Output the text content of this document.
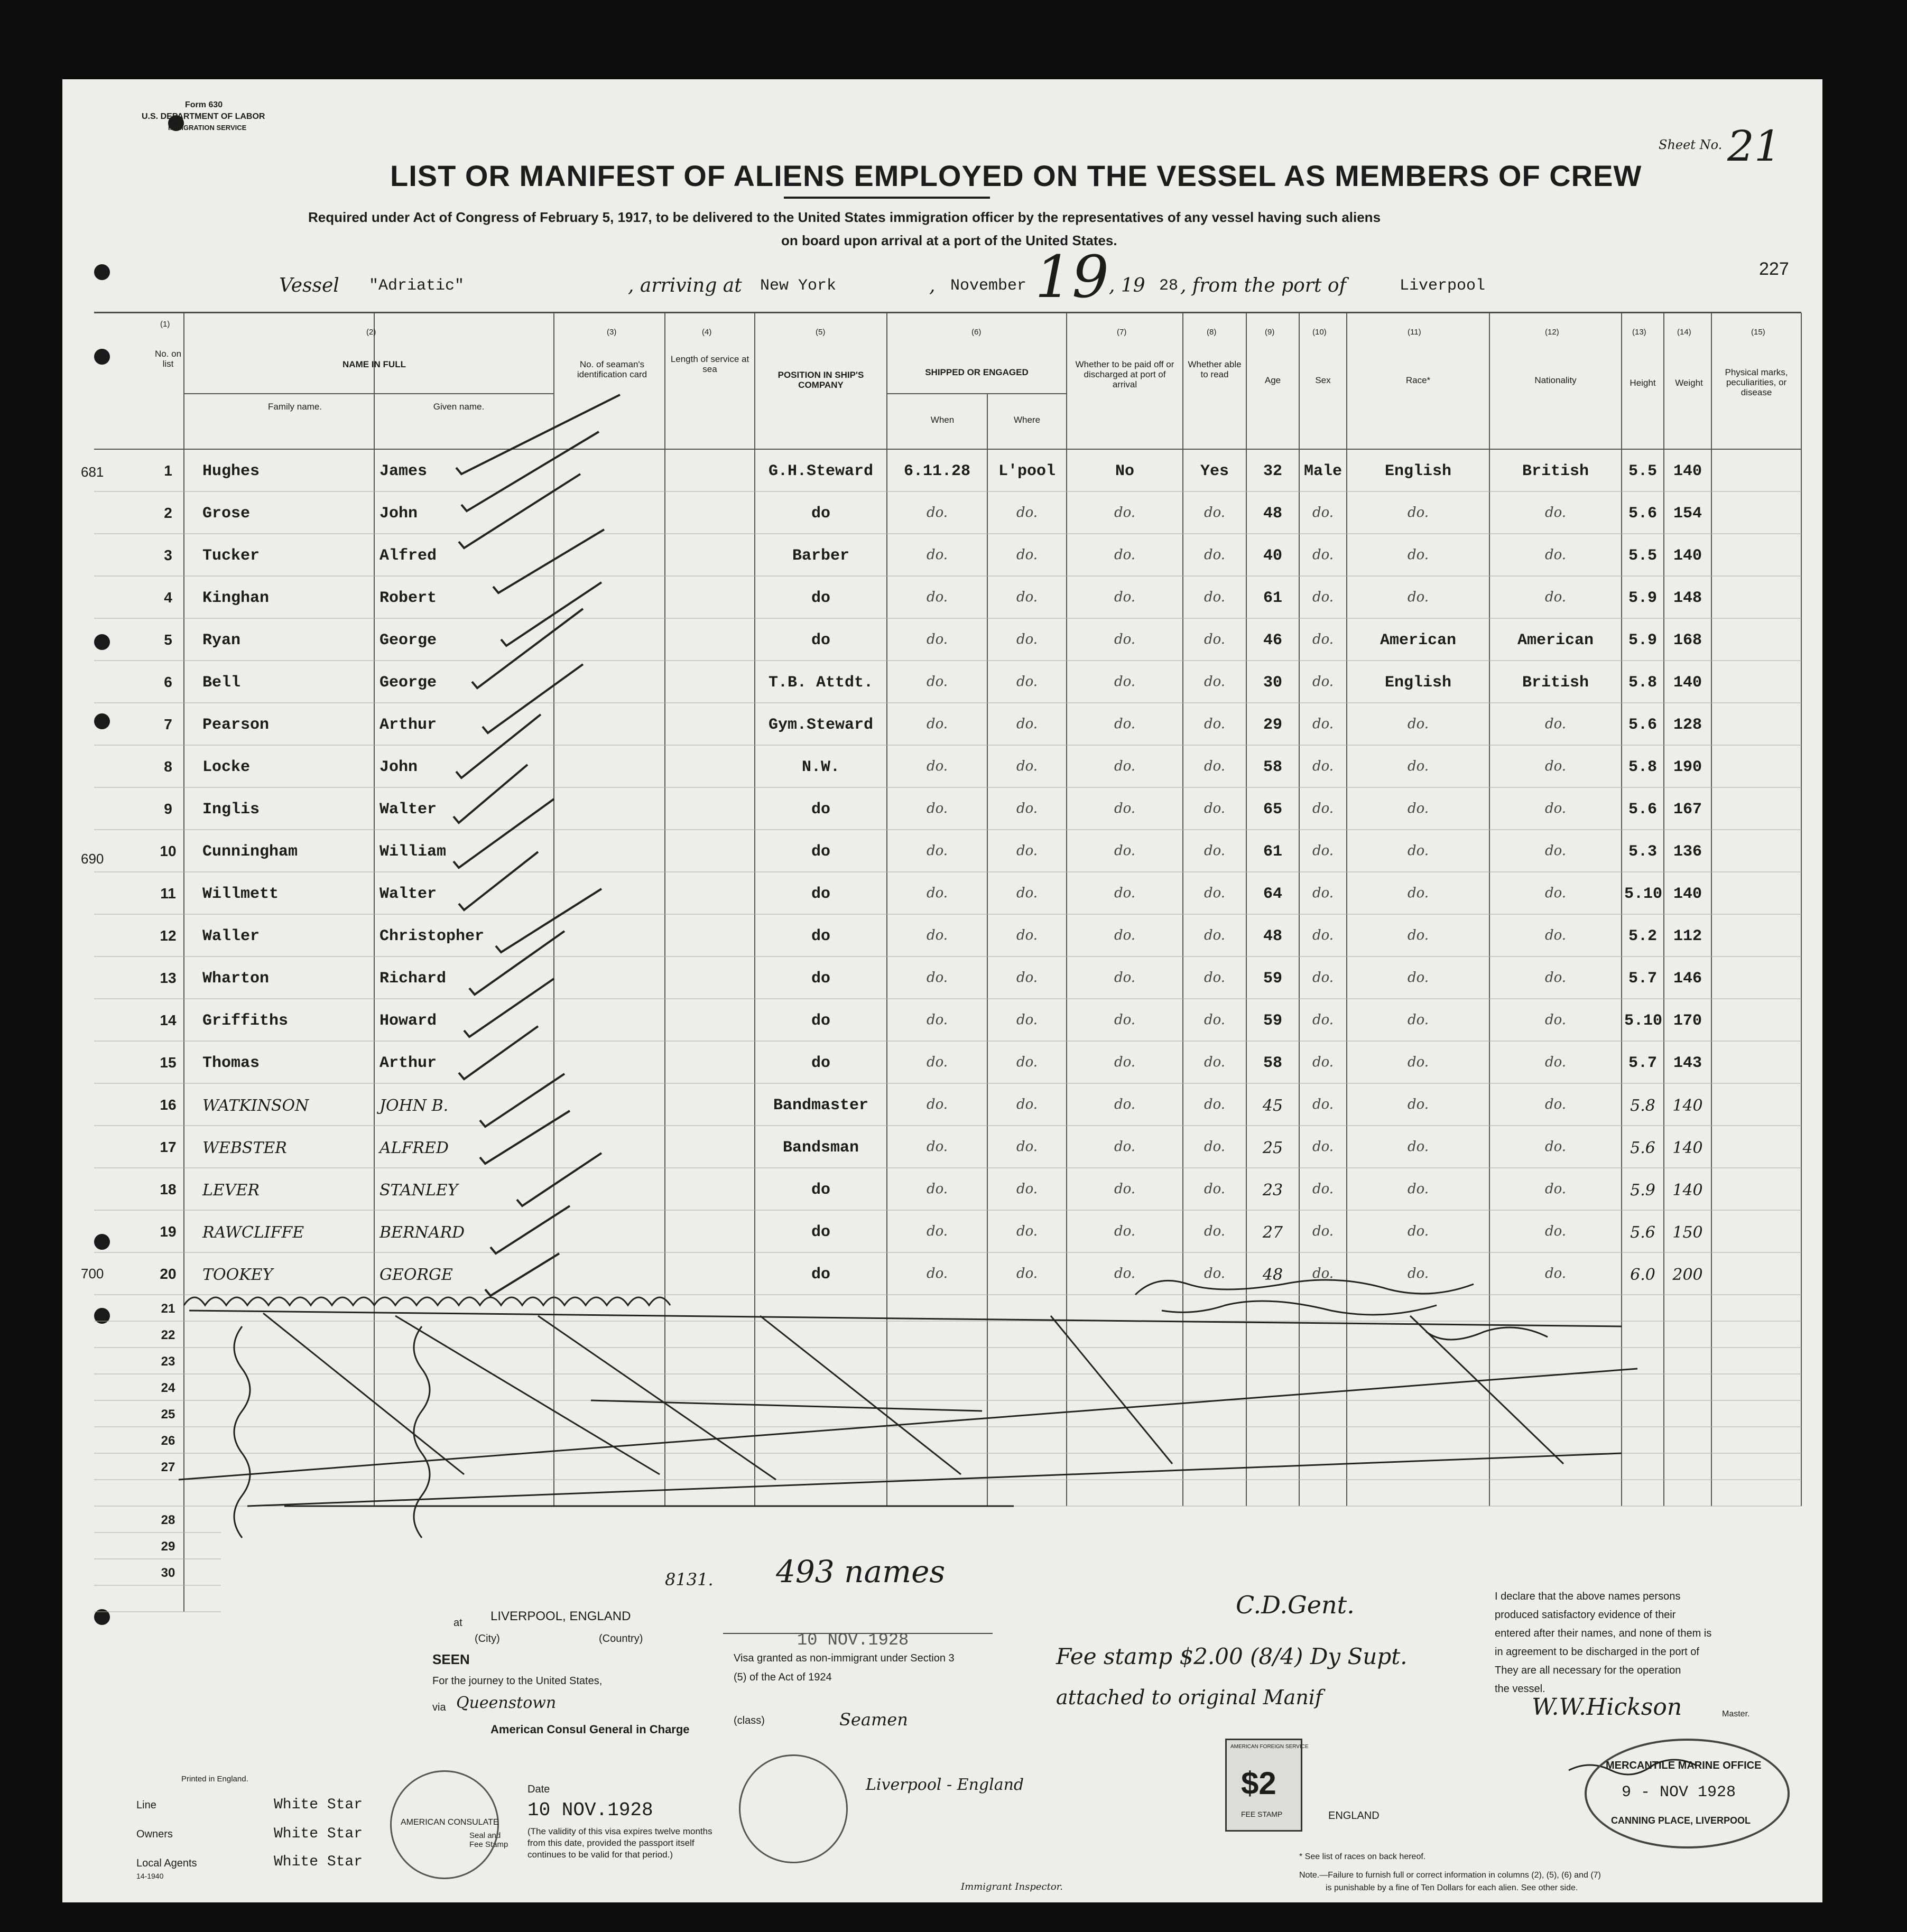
Form 630
U.S. DEPARTMENT OF LABOR
IMMIGRATION SERVICE
Sheet No. 21
LIST OR MANIFEST OF ALIENS EMPLOYED ON THE VESSEL AS MEMBERS OF CREW
Required under Act of Congress of February 5, 1917, to be delivered to the United States immigration officer by the representatives of any vessel having such aliens
on board upon arrival at a port of the United States.
227
Vessel "Adriatic"	, arriving at New York	, November 19 , 19 28 , from the port of	Liverpool
(1)
No. on list
(2)
NAME IN FULL
Family name.	Given name.
(3)
No. of seaman's identification card
(4)
Length of service at sea
(5)
POSITION IN SHIP'S COMPANY
(6)
SHIPPED OR ENGAGED
When	Where
(7)
Whether to be paid off or discharged at port of arrival
(8)
Whether able to read
(9)
Age
(10)
Sex
(11)
Race*
(12)
Nationality
(13)
Height
(14)
Weight
(15)
Physical marks, peculiarities, or disease
681
690
700
1	Hughes	James	G.H.Steward	6.11.28	L'pool	No	Yes	32	Male	English	British	5.5	140
2	Grose	John	do	do.	do.	do.	do.	48	do.	do.	do.	5.6	154
3	Tucker	Alfred	Barber	do.	do.	do.	do.	40	do.	do.	do.	5.5	140
4	Kinghan	Robert	do	do.	do.	do.	do.	61	do.	do.	do.	5.9	148
5	Ryan	George	do	do.	do.	do.	do.	46	do.	American	American	5.9	168
6	Bell	George	T.B. Attdt.	do.	do.	do.	do.	30	do.	English	British	5.8	140
7	Pearson	Arthur	Gym.Steward	do.	do.	do.	do.	29	do.	do.	do.	5.6	128
8	Locke	John	N.W.	do.	do.	do.	do.	58	do.	do.	do.	5.8	190
9	Inglis	Walter	do	do.	do.	do.	do.	65	do.	do.	do.	5.6	167
10	Cunningham	William	do	do.	do.	do.	do.	61	do.	do.	do.	5.3	136
11	Willmett	Walter	do	do.	do.	do.	do.	64	do.	do.	do.	5.10 140
12	Waller	Christopher	do	do.	do.	do.	do.	48	do.	do.	do.	5.2	112
13	Wharton	Richard	do	do.	do.	do.	do.	59	do.	do.	do.	5.7	146
14	Griffiths	Howard	do	do.	do.	do.	do.	59	do.	do.	do.	5.10 170
15	Thomas	Arthur	do	do.	do.	do.	do.	58	do.	do.	do.	5.7	143
16	WATKINSON	JOHN B.	Bandmaster	do.	do.	do.	do.	45	do.	do.	do.	5.8	140
17	WEBSTER	ALFRED	Bandsman	do.	do.	do.	do.	25	do.	do.	do.	5.6	140
18	LEVER	STANLEY	do	do.	do.	do.	do.	23	do.	do.	do.	5.9	140
19	RAWCLIFFE	BERNARD	do	do.	do.	do.	do.	27	do.	do.	do.	5.6	150
20	TOOKEY	GEORGE	do	do.	do.	do.	do.	48	do.	do.	do.	6.0	200
21
22
23
24
25
26
27
28
29
30	493 names
8131.
Fee stamp $2.00 (8/4) Dy Supt.
attached to original Manif
C.D.Gent.
at LIVERPOOL, ENGLAND
(City)	(Country)
SEEN
For the journey to the United States,
via Queenstown
American Consul General in Charge
Visa granted as non-immigrant under Section 3 (5) of the Act of 1924
10 NOV.1928
(class)	Seamen
Liverpool - England
Date
10 NOV.1928
(The validity of this visa expires twelve months from this date, provided the passport itself continues to be valid for that period.)
Seal and Fee Stamp
Immigrant Inspector.
AMERICAN CONSULATE
AMERICAN FOREIGN SERVICE
$2
FEE STAMP	ENGLAND
I declare that the above names persons
produced satisfactory evidence of their
entered after their names, and none of them is
in agreement to be discharged in the port of
They are all necessary for the operation
the vessel.
W.W.Hickson	Master.
MERCANTILE MARINE OFFICE
9 - NOV 1928
CANNING PLACE, LIVERPOOL
Printed in England.
Line	White Star
Owners	White Star
Local Agents	White Star
14-1940
* See list of races on back hereof.
Note.—Failure to furnish full or correct information in columns (2), (5), (6) and (7)
is punishable by a fine of Ten Dollars for each alien. See other side.
